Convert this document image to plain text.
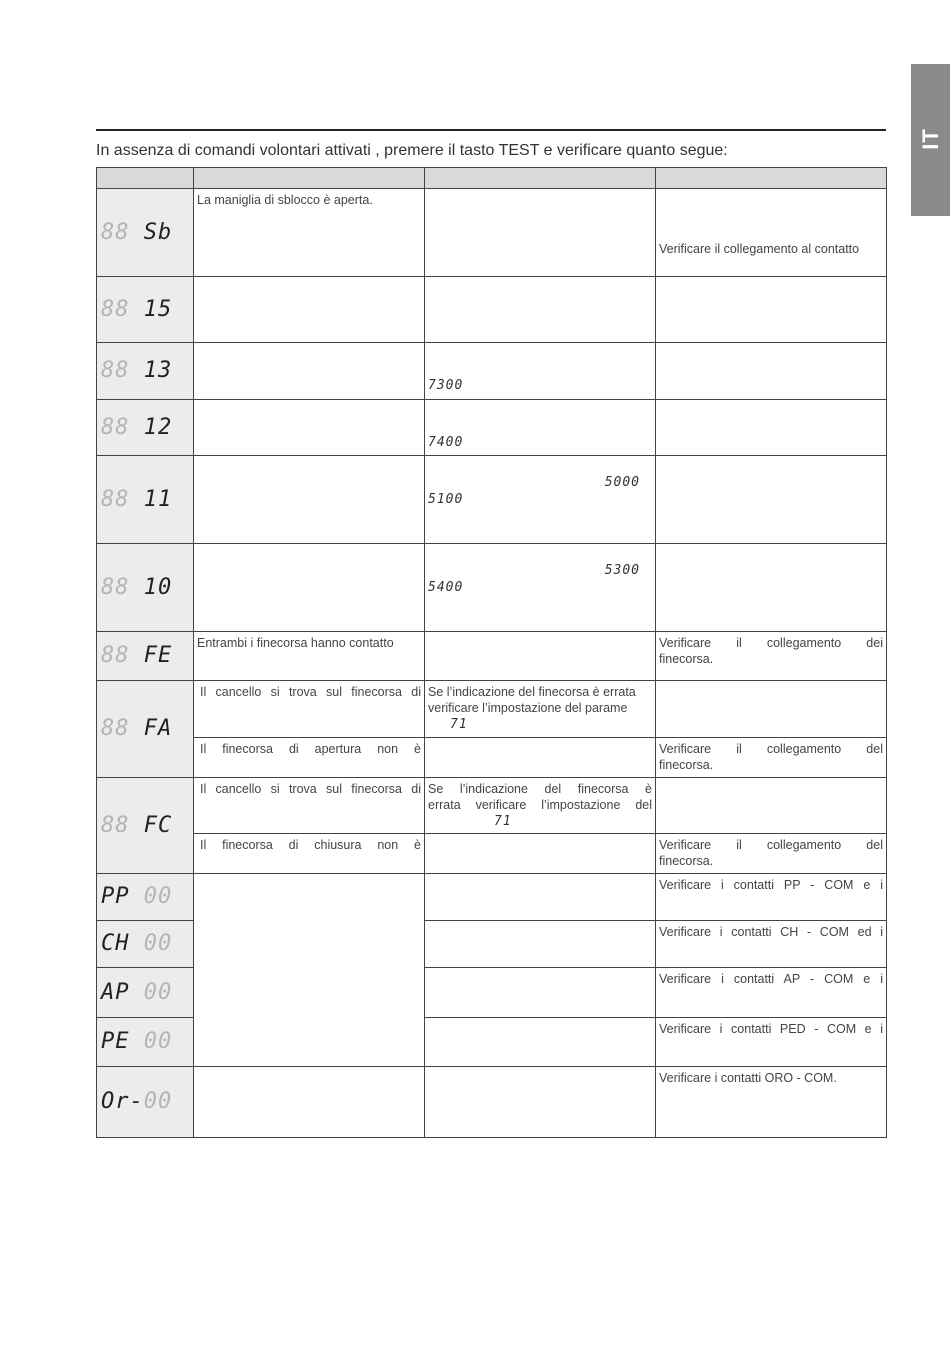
IT
In assenza di comandi volontari attivati , premere il tasto TEST e verificare quanto segue:

88 Sb	La maniglia di sblocco è aperta.		Verificare il collegamento al contatto
88 15			
88 13		7300	
88 12		7400	
88 11		5000
5100	

88 10		5300
5400	

88 FE	Entrambi i finecorsa hanno contatto		Verificare il collegamento dei
finecorsa.

88 FA	Il cancello si trova sul finecorsa di	Se l’indicazione del finecorsa è errata
verificare l’impostazione del parame
71	

	Il finecorsa di apertura non è		Verificare il collegamento del
finecorsa.

88 FC	Il cancello si trova sul finecorsa di	Se l’indicazione del finecorsa è
errata verificare l’impostazione del
71	

	Il finecorsa di chiusura non è		Verificare il collegamento del
finecorsa.

PP 00			Verificare i contatti PP - COM e i
CH 00			Verificare i contatti CH - COM ed i
AP 00			Verificare i contatti AP - COM e i
PE 00			Verificare i contatti PED - COM e i
Or-00			Verificare i contatti ORO - COM.
